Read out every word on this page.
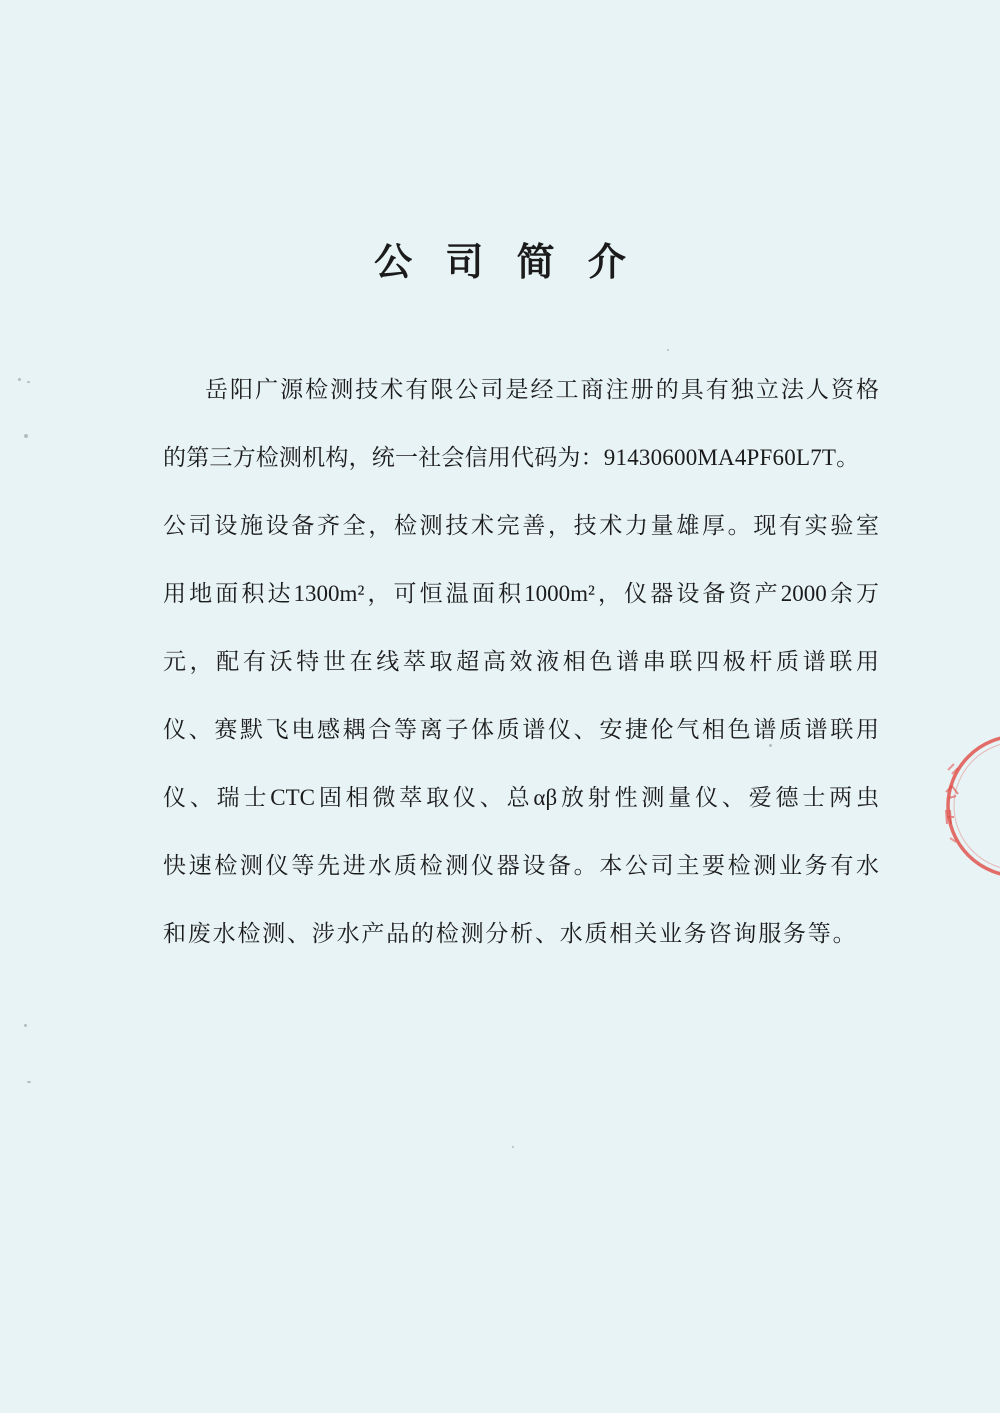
公 司 简 介
岳阳广源检测技术有限公司是经工商注册的具有独立法人资格
的第三方检测机构，统一社会信用代码为：91430600MA4PF60L7T。
公司设施设备齐全，检测技术完善，技术力量雄厚。现有实验室
用地面积达1300m²，可恒温面积1000m²，仪器设备资产2000余万
元，配有沃特世在线萃取超高效液相色谱串联四极杆质谱联用
仪、赛默飞电感耦合等离子体质谱仪、安捷伦气相色谱质谱联用
仪、瑞士CTC固相微萃取仪、总αβ放射性测量仪、爱德士两虫
快速检测仪等先进水质检测仪器设备。本公司主要检测业务有水
和废水检测、涉水产品的检测分析、水质相关业务咨询服务等。
